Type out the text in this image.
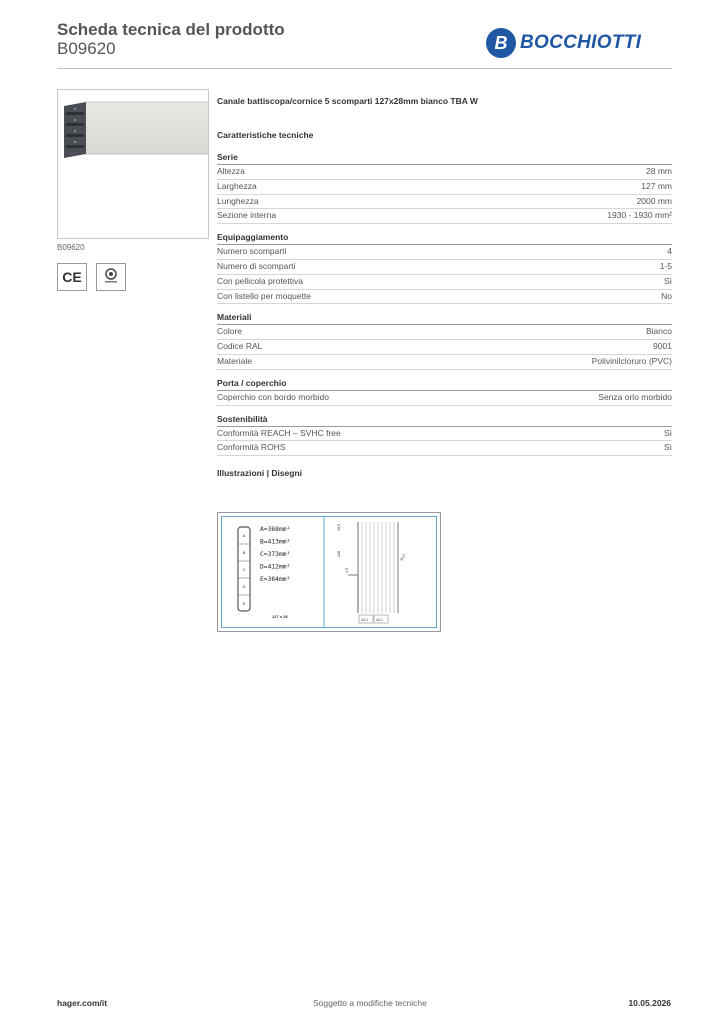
Scheda tecnica del prodotto
B09620	B BOCCHIOTTI
B09620
CE
Canale battiscopa/cornice 5 scomparti 127x28mm bianco TBA W
Caratteristiche tecniche
Serie
Altezza	28 mm
Larghezza	127 mm
Lunghezza	2000 mm
Sezione interna	1930 - 1930 mm²
Equipaggiamento
Numero scomparti	4
Numero di scomparti	1-5
Con pellicola protettiva	Sì
Con listello per moquette	No
Materiali
Colore	Bianco
Codice RAL	9001
Materiale	Polivinilcloruro (PVC)
Porta / coperchio
Coperchio con bordo morbido	Senza orlo morbido
Sostenibilità
Conformità REACH – SVHC free	Sì
Conformità ROHS	Sì
Illustrazioni | Disegni
A
B
C
D
E
A=368mm²
B=413mm²
C=373mm²
D=412mm²
E=364mm²
127 x 28
49,5
128
4,5
64,5
43,1 43,1
hager.com/it	Soggetto a modifiche tecniche	10.05.2026
